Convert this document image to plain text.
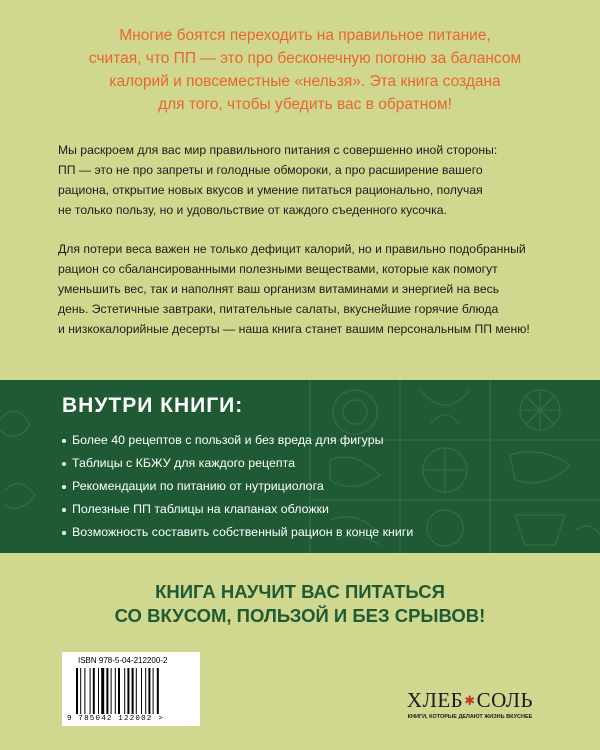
Многие боятся переходить на правильное питание,
считая, что ПП — это про бесконечную погоню за балансом
калорий и повсеместные «нельзя». Эта книга создана
для того, чтобы убедить вас в обратном!

Мы раскроем для вас мир правильного питания с совершенно иной стороны:
ПП — это не про запреты и голодные обмороки, а про расширение вашего
рациона, открытие новых вкусов и умение питаться рационально, получая
не только пользу, но и удовольствие от каждого съеденного кусочка.

Для потери веса важен не только дефицит калорий, но и правильно подобранный
рацион со сбалансированными полезными веществами, которые как помогут
уменьшить вес, так и наполнят ваш организм витаминами и энергией на весь
день. Эстетичные завтраки, питательные салаты, вкуснейшие горячие блюда
и низкокалорийные десерты — наша книга станет вашим персональным ПП меню!

ВНУТРИ КНИГИ:
Более 40 рецептов с пользой и без вреда для фигуры
Таблицы с КБЖУ для каждого рецепта
Рекомендации по питанию от нутрициолога
Полезные ПП таблицы на клапанах обложки
Возможность составить собственный рацион в конце книги
КНИГА НАУЧИТ ВАС ПИТАТЬСЯ
СО ВКУСОМ, ПОЛЬЗОЙ И БЕЗ СРЫВОВ!
ISBN 978-5-04-212200-2
9 785042 122002 >
ХЛЕБ ✱ СОЛЬ
КНИГИ, КОТОРЫЕ ДЕЛАЮТ ЖИЗНЬ ВКУСНЕЕ
